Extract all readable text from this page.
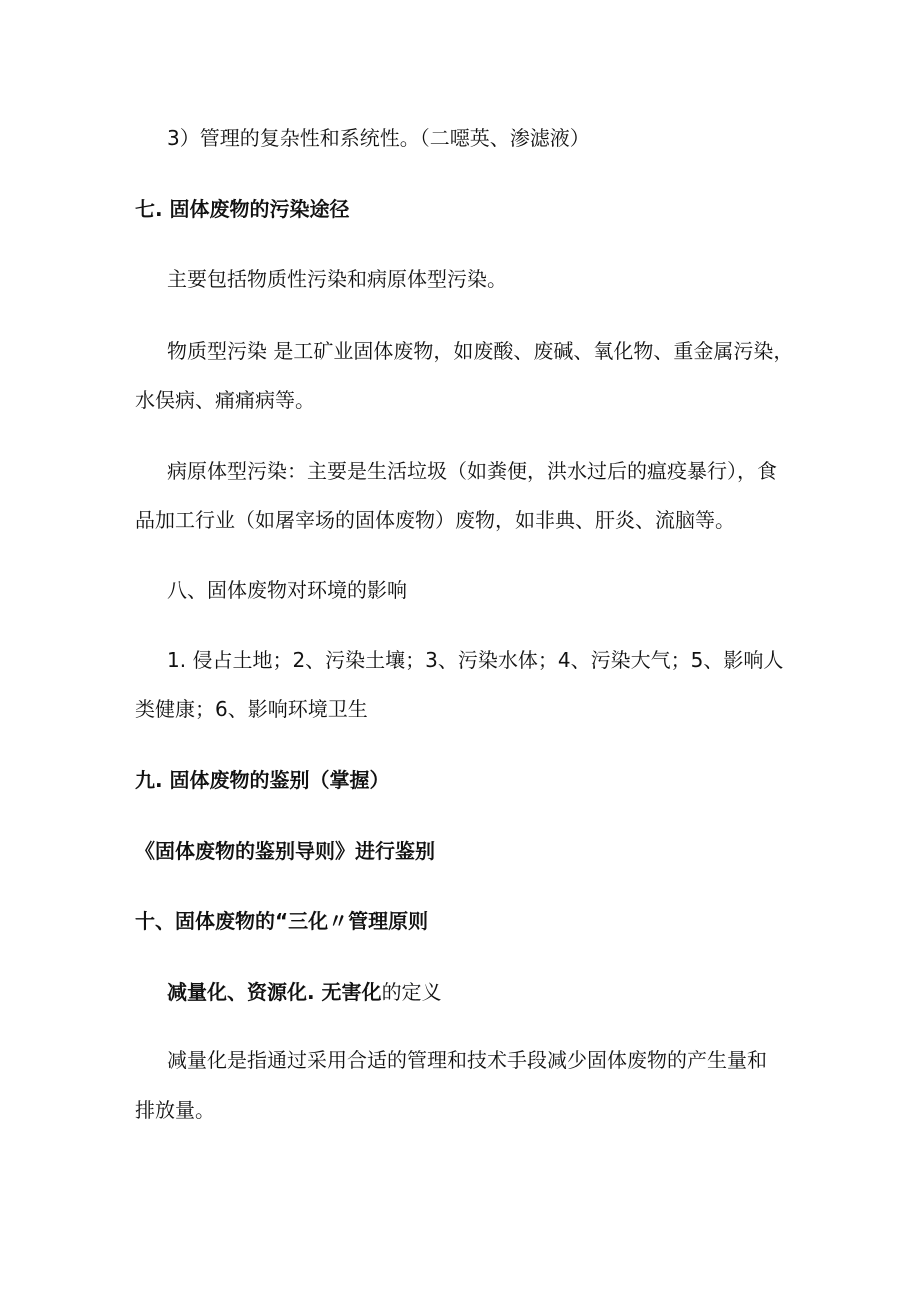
3）管理的复杂性和系统性。（二噁英、渗滤液）
七. 固体废物的污染途径
主要包括物质性污染和病原体型污染。
物质型污染 是工矿业固体废物，如废酸、废碱、氧化物、重金属污染，
水俣病、痛痛病等。
病原体型污染：主要是生活垃圾（如粪便，洪水过后的瘟疫暴行），食
品加工行业（如屠宰场的固体废物）废物，如非典、肝炎、流脑等。
八、固体废物对环境的影响
1. 侵占土地；2、污染土壤；3、污染水体；4、污染大气；5、影响人
类健康；6、影响环境卫生
九. 固体废物的鉴别（掌握）
《固体废物的鉴别导则》进行鉴别
十、固体废物的“三化〃管理原则
减量化、资源化. 无害化的定义
减量化是指通过采用合适的管理和技术手段减少固体废物的产生量和排放量。
